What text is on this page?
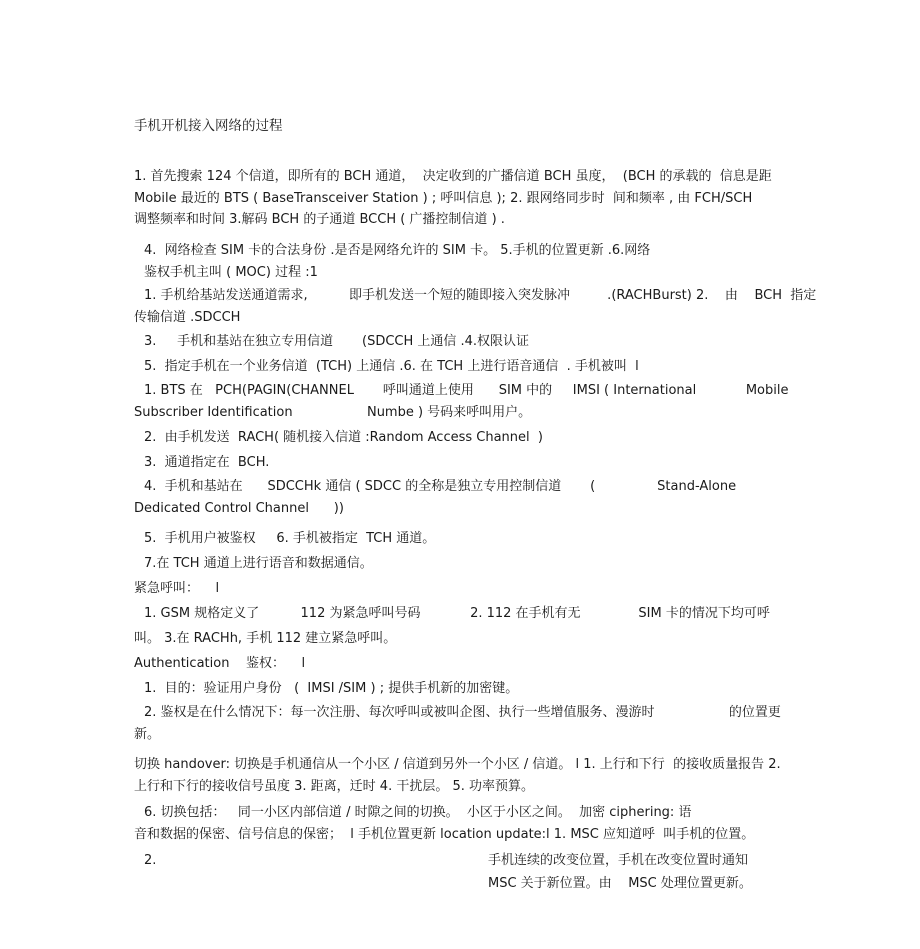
手机开机接入网络的过程
1. 首先搜索 124 个信道，即所有的 BCH 通道，  决定收到的广播信道 BCH 虽度，  (BCH 的承载的  信息是距
Mobile 最近的 BTS ( BaseTransceiver Station ) ; 呼叫信息 ); 2. 跟网络同步时  间和频率 , 由 FCH/SCH
调整频率和时间 3.解码 BCH 的子通道 BCCH ( 广播控制信道 ) .
4.  网络检查 SIM 卡的合法身份 .是否是网络允许的 SIM 卡。 5.手机的位置更新 .6.网络
鉴权手机主叫 ( MOC) 过程 :1
1. 手机给基站发送通道需求,          即手机发送一个短的随即接入突发脉冲         .(RACHBurst) 2.    由    BCH  指定
传输信道 .SDCCH
3.     手机和基站在独立专用信道       (SDCCH 上通信 .4.权限认证
5.  指定手机在一个业务信道  (TCH) 上通信 .6. 在 TCH 上进行语音通信  . 手机被叫  l
1. BTS 在   PCH(PAGIN(CHANNEL       呼叫通道上使用      SIM 中的     IMSI ( International            Mobile
Subscriber Identification                  Numbe ) 号码来呼叫用户。
2.  由手机发送  RACH( 随机接入信道 :Random Access Channel  )
3.  通道指定在  BCH.
4.  手机和基站在      SDCCHk 通信 ( SDCC 的全称是独立专用控制信道       (               Stand-Alone
Dedicated Control Channel      ))
5.  手机用户被鉴权     6. 手机被指定  TCH 通道。
7.在 TCH 通道上进行语音和数据通信。
紧急呼叫：    l
1. GSM 规格定义了          112 为紧急呼叫号码            2. 112 在手机有无              SIM 卡的情况下均可呼
叫。 3.在 RACHh, 手机 112 建立紧急呼叫。
Authentication    鉴权：    l
1.  目的：验证用户身份   (  IMSI /SIM ) ; 提供手机新的加密键。
2. 鉴权是在什么情况下：每一次注册、每次呼叫或被叫企图、执行一些增值服务、漫游时                  的位置更
新。
切换 handover: 切换是手机通信从一个小区 / 信道到另外一个小区 / 信道。 l 1. 上行和下行  的接收质量报告 2.
上行和下行的接收信号虽度 3. 距离，迁时 4. 干扰层。 5. 功率预算。
6. 切换包括：   同一小区内部信道 / 时隙之间的切换。  小区于小区之间。  加密 ciphering: 语
音和数据的保密、信号信息的保密；  l 手机位置更新 location update:l 1. MSC 应知道呼  叫手机的位置。
2.	手机连续的改变位置，手机在改变位置时通知
MSC 关于新位置。由    MSC 处理位置更新。
